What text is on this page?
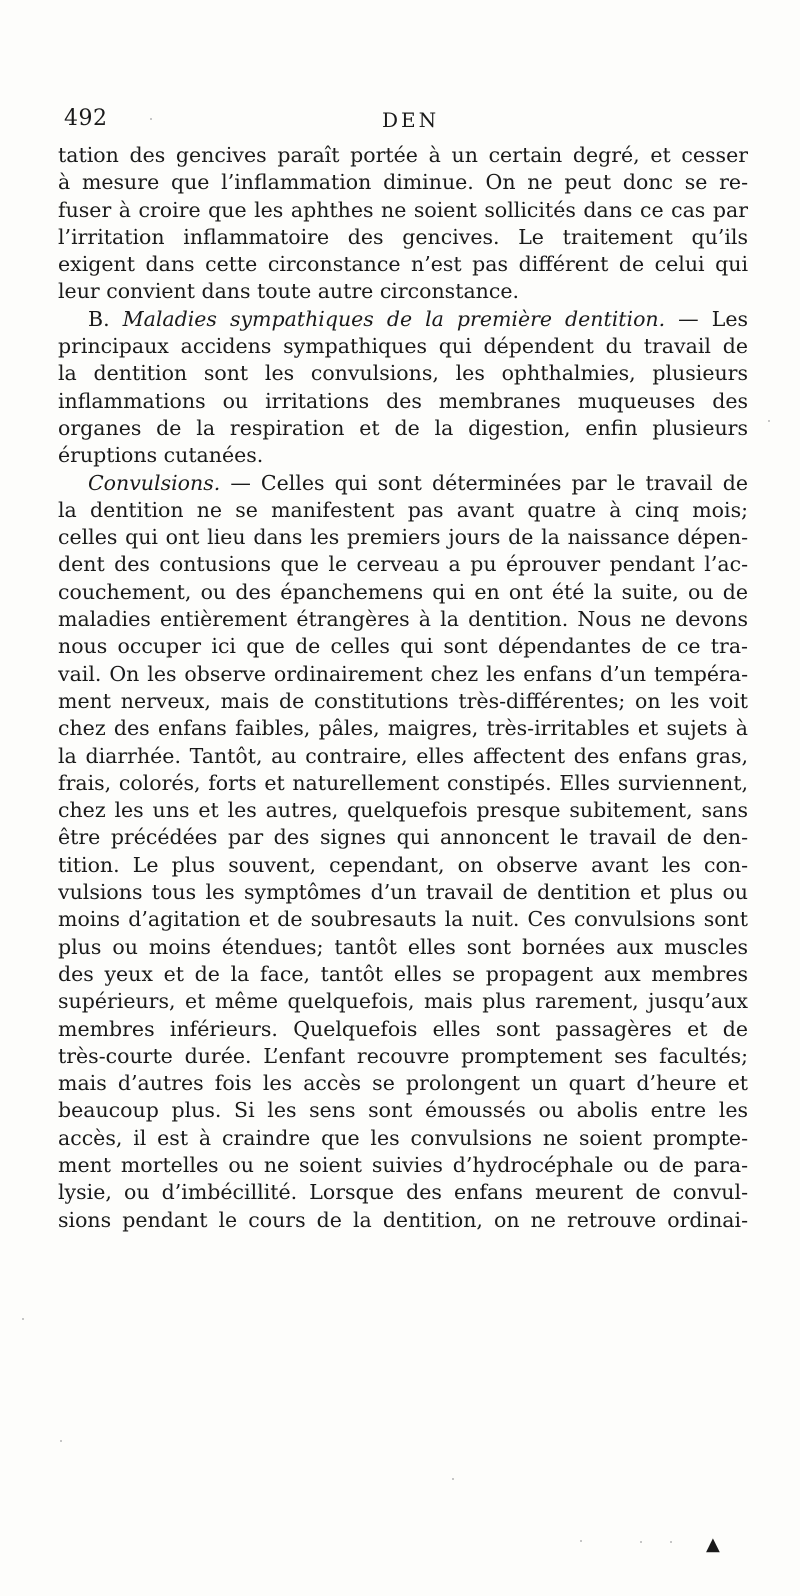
492	DEN
tation des gencives paraît portée à un certain degré, et cesser
à mesure que l’inflammation diminue. On ne peut donc se re-
fuser à croire que les aphthes ne soient sollicités dans ce cas par
l’irritation inflammatoire des gencives. Le traitement qu’ils
exigent dans cette circonstance n’est pas différent de celui qui
leur convient dans toute autre circonstance.
B. Maladies sympathiques de la première dentition. — Les
principaux accidens sympathiques qui dépendent du travail de
la dentition sont les convulsions, les ophthalmies, plusieurs
inflammations ou irritations des membranes muqueuses des
organes de la respiration et de la digestion, enfin plusieurs
éruptions cutanées.
Convulsions. — Celles qui sont déterminées par le travail de
la dentition ne se manifestent pas avant quatre à cinq mois;
celles qui ont lieu dans les premiers jours de la naissance dépen-
dent des contusions que le cerveau a pu éprouver pendant l’ac-
couchement, ou des épanchemens qui en ont été la suite, ou de
maladies entièrement étrangères à la dentition. Nous ne devons
nous occuper ici que de celles qui sont dépendantes de ce tra-
vail. On les observe ordinairement chez les enfans d’un tempéra-
ment nerveux, mais de constitutions très-différentes; on les voit
chez des enfans faibles, pâles, maigres, très-irritables et sujets à
la diarrhée. Tantôt, au contraire, elles affectent des enfans gras,
frais, colorés, forts et naturellement constipés. Elles surviennent,
chez les uns et les autres, quelquefois presque subitement, sans
être précédées par des signes qui annoncent le travail de den-
tition. Le plus souvent, cependant, on observe avant les con-
vulsions tous les symptômes d’un travail de dentition et plus ou
moins d’agitation et de soubresauts la nuit. Ces convulsions sont
plus ou moins étendues; tantôt elles sont bornées aux muscles
des yeux et de la face, tantôt elles se propagent aux membres
supérieurs, et même quelquefois, mais plus rarement, jusqu’aux
membres inférieurs. Quelquefois elles sont passagères et de
très-courte durée. L’enfant recouvre promptement ses facultés;
mais d’autres fois les accès se prolongent un quart d’heure et
beaucoup plus. Si les sens sont émoussés ou abolis entre les
accès, il est à craindre que les convulsions ne soient prompte-
ment mortelles ou ne soient suivies d’hydrocéphale ou de para-
lysie, ou d’imbécillité. Lorsque des enfans meurent de convul-
sions pendant le cours de la dentition, on ne retrouve ordinai-
▲
